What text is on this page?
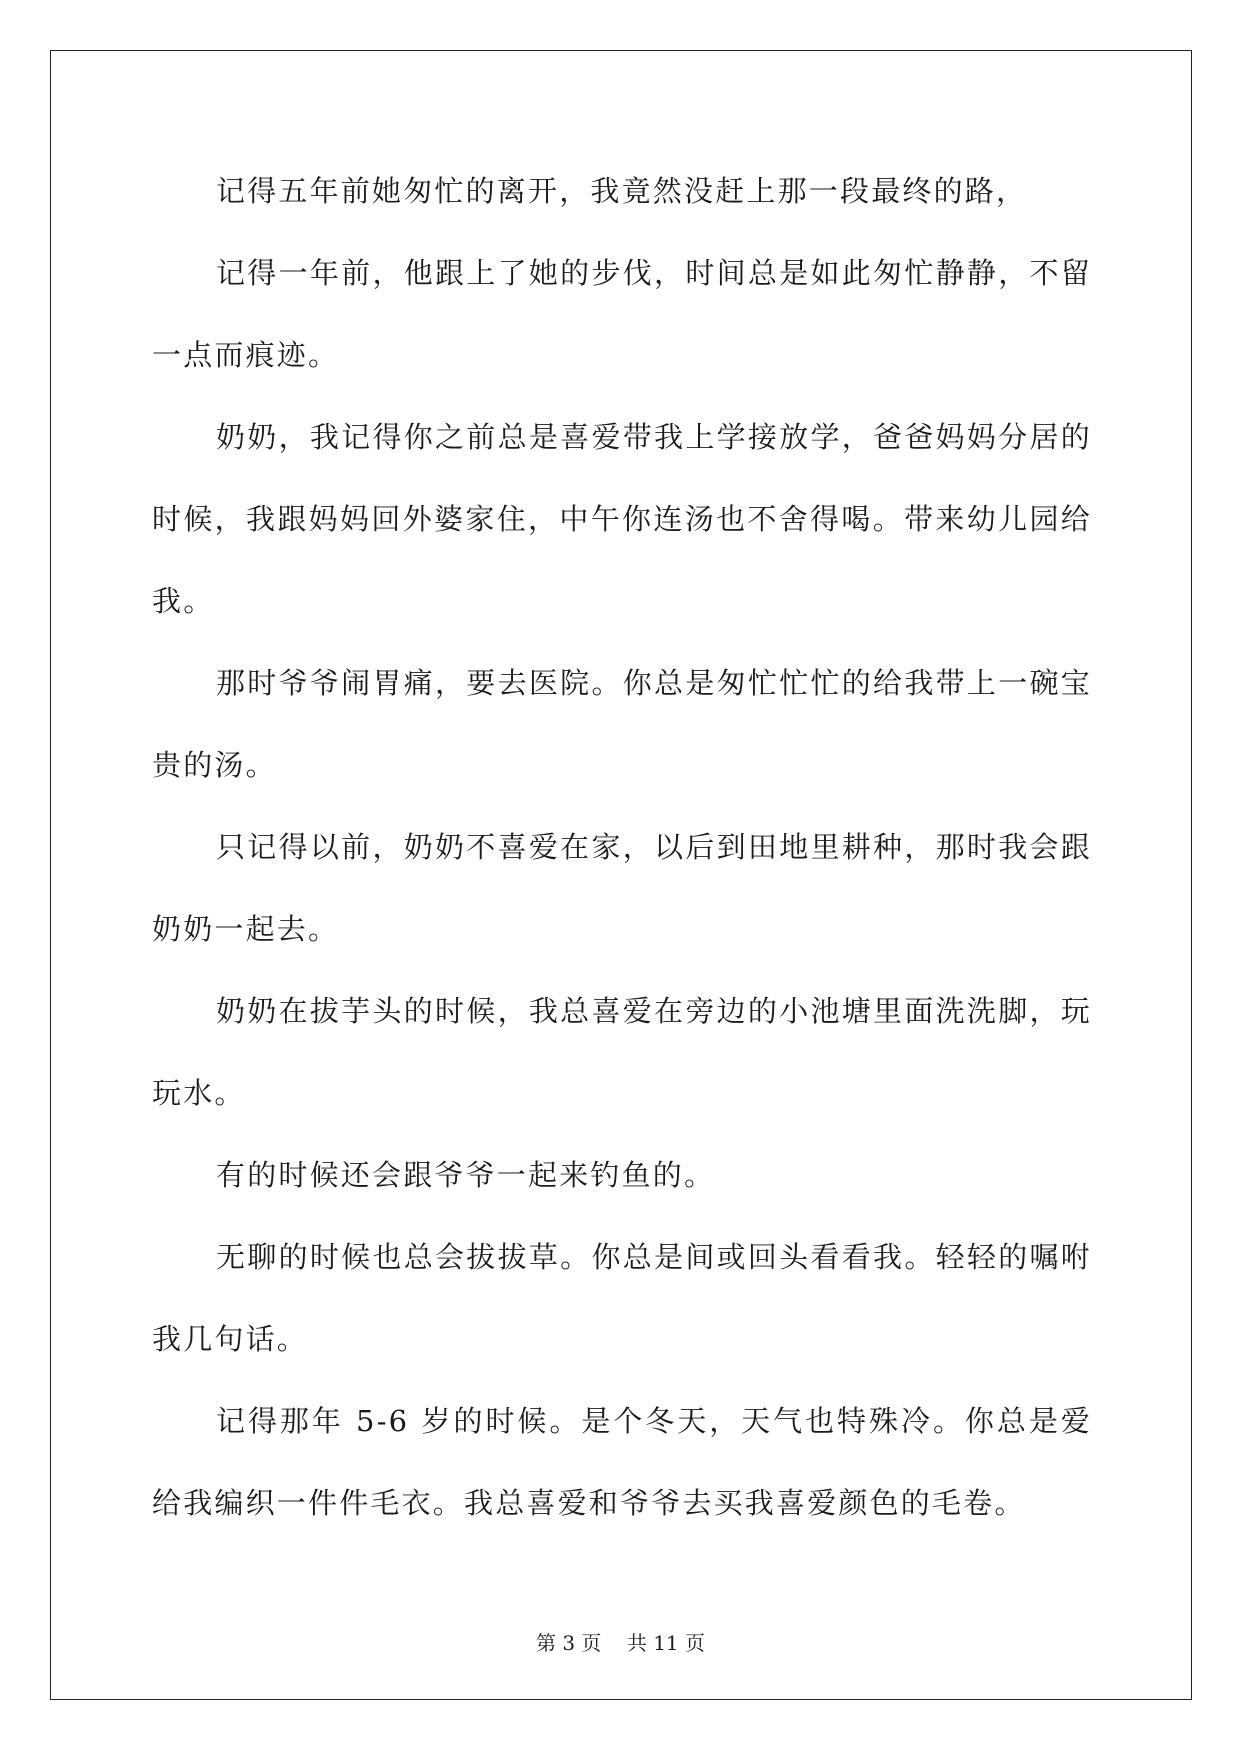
记得五年前她匆忙的离开，我竟然没赶上那一段最终的路，

记得一年前，他跟上了她的步伐，时间总是如此匆忙静静，不留一点而痕迹。

奶奶，我记得你之前总是喜爱带我上学接放学，爸爸妈妈分居的时候，我跟妈妈回外婆家住，中午你连汤也不舍得喝。带来幼儿园给我。

那时爷爷闹胃痛，要去医院。你总是匆忙忙忙的给我带上一碗宝贵的汤。

只记得以前，奶奶不喜爱在家，以后到田地里耕种，那时我会跟奶奶一起去。

奶奶在拔芋头的时候，我总喜爱在旁边的小池塘里面洗洗脚，玩玩水。

有的时候还会跟爷爷一起来钓鱼的。

无聊的时候也总会拔拔草。你总是间或回头看看我。轻轻的嘱咐我几句话。

记得那年 5-6 岁的时候。是个冬天，天气也特殊冷。你总是爱给我编织一件件毛衣。我总喜爱和爷爷去买我喜爱颜色的毛卷。

第 3 页    共 11 页
